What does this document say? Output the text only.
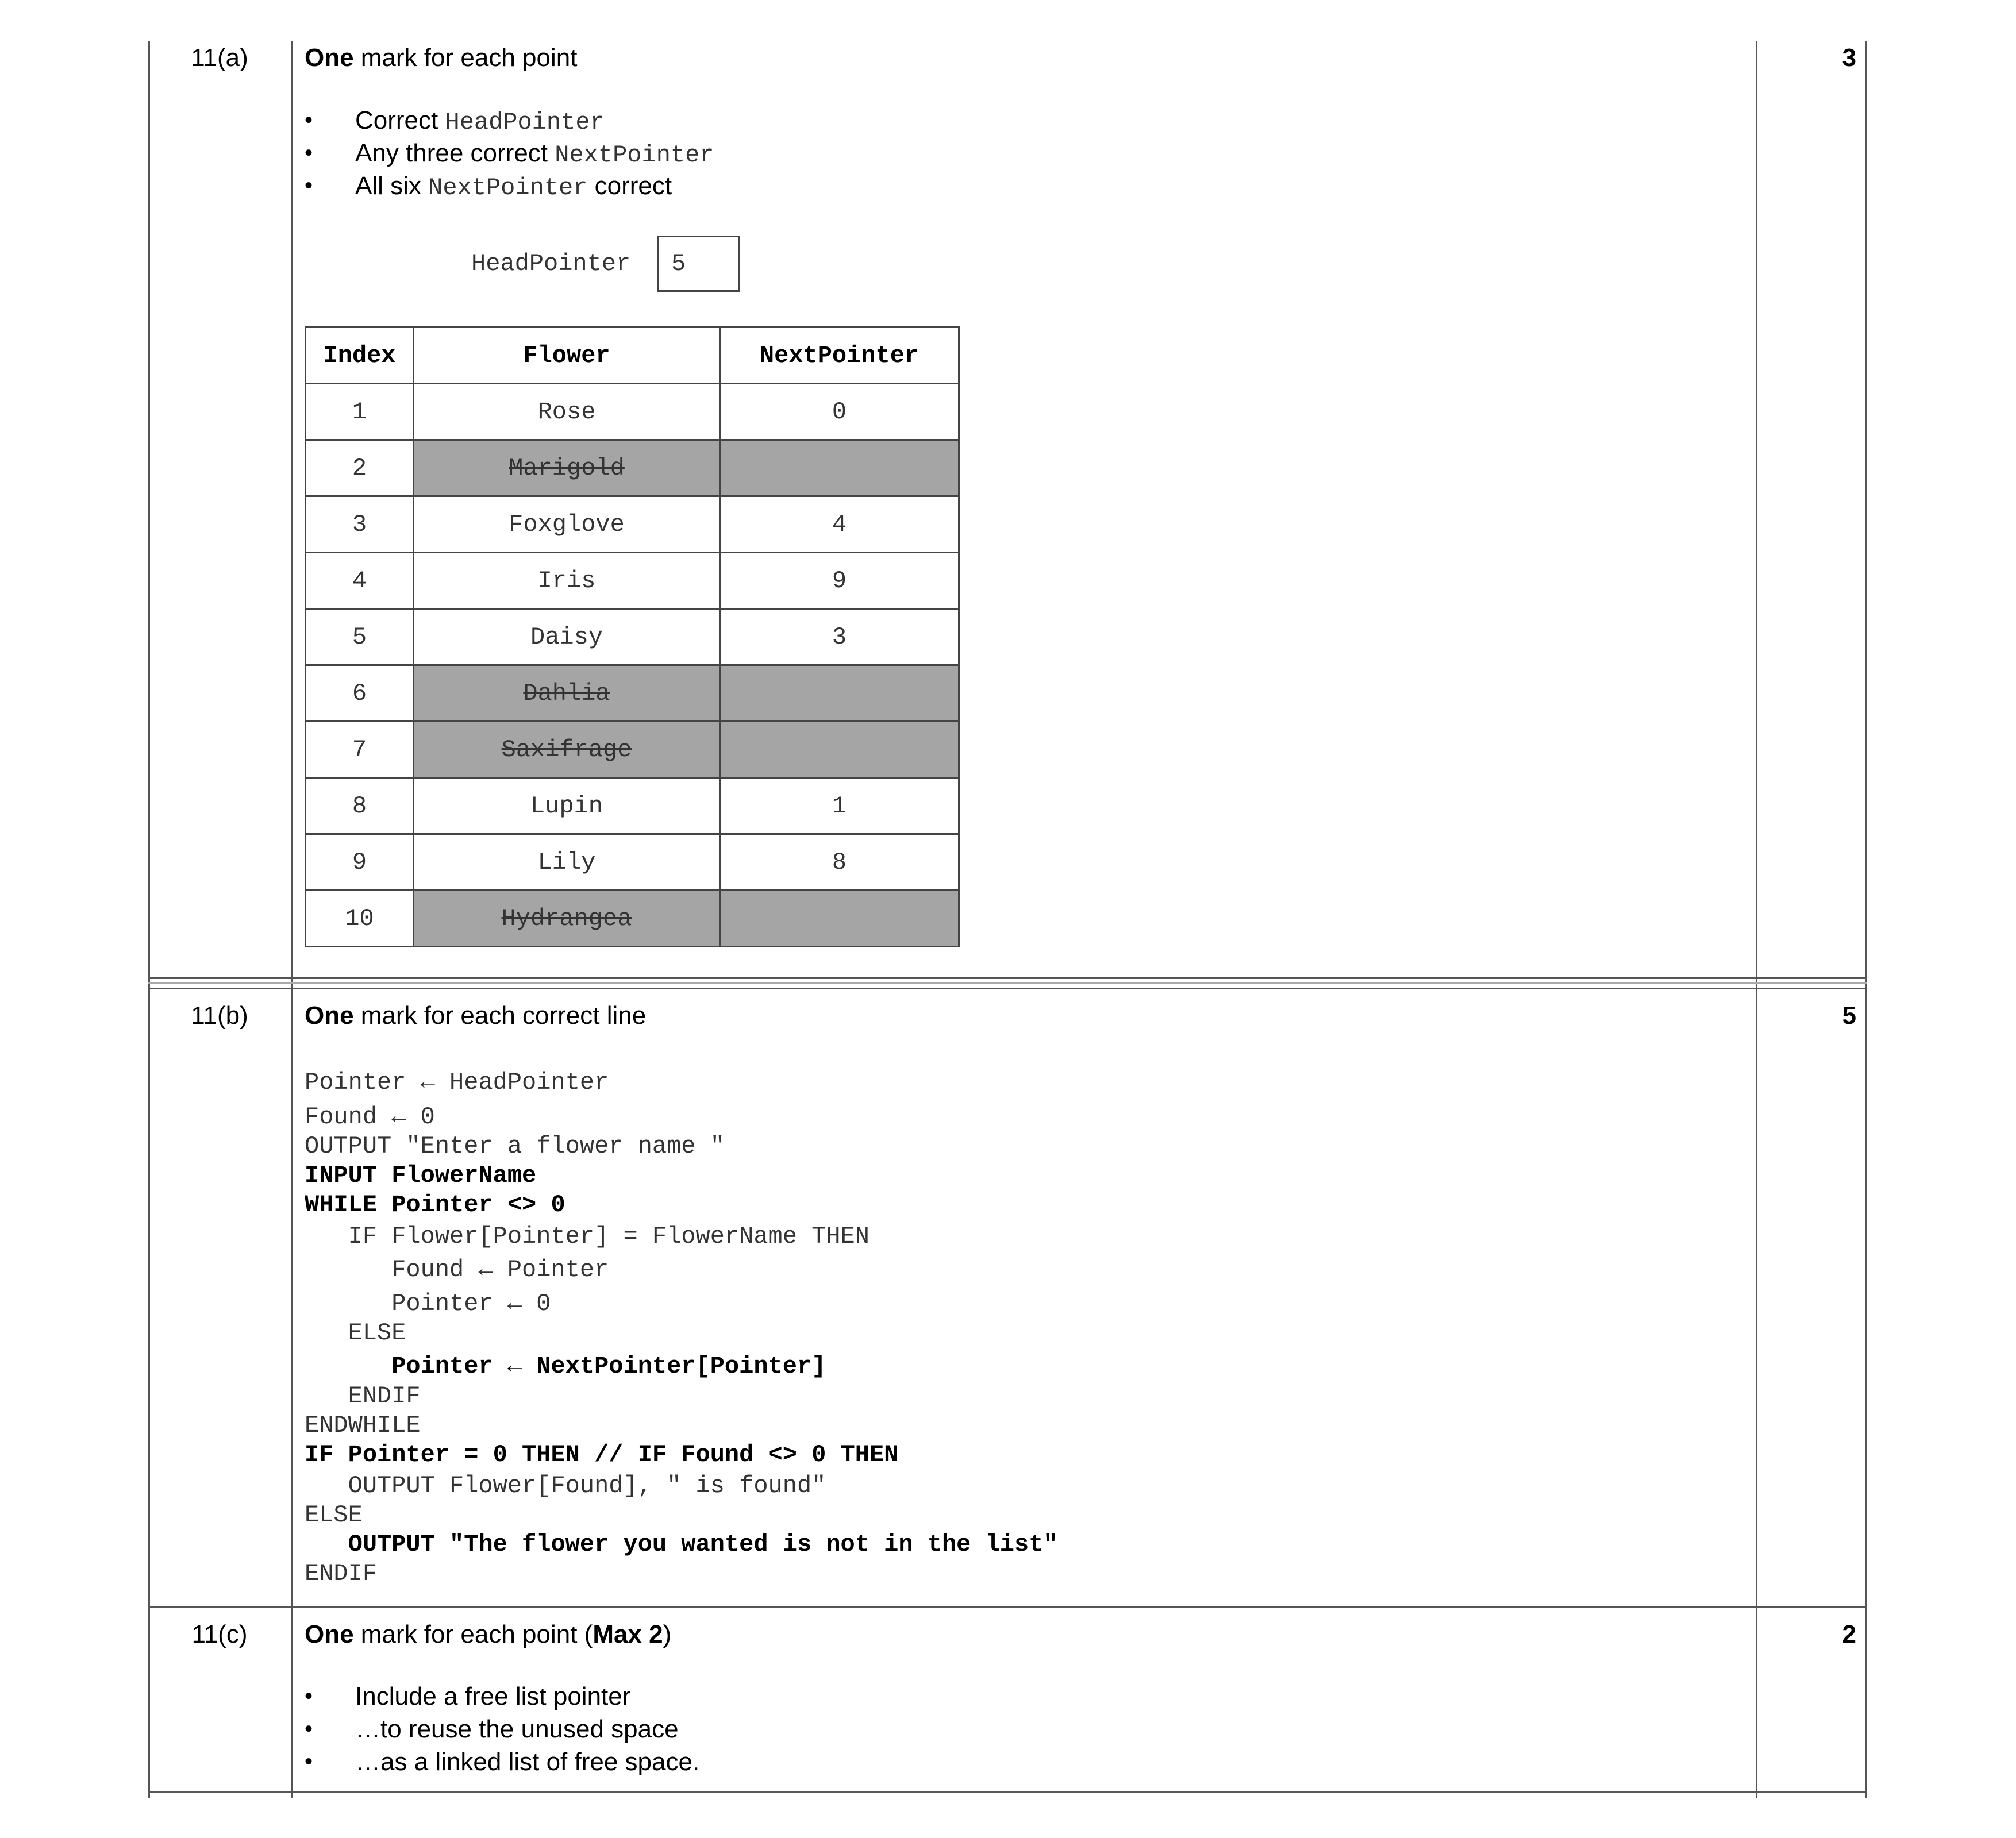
11(a)	One mark for each point	3
• Correct HeadPointer
• Any three correct NextPointer
• All six NextPointer correct
HeadPointer	5
Index	Flower	NextPointer
1	Rose	0
2	Marigold	
3	Foxglove	4
4	Iris	9
5	Daisy	3
6	Dahlia	
7	Saxifrage	
8	Lupin	1
9	Lily	8
10	Hydrangea	
11(b)	One mark for each correct line	5
Pointer ← HeadPointer
Found ← 0
OUTPUT "Enter a flower name "
INPUT FlowerName
WHILE Pointer <> 0
IF Flower[Pointer] = FlowerName THEN
Found ← Pointer
Pointer ← 0
ELSE
Pointer ← NextPointer[Pointer]
ENDIF
ENDWHILE
IF Pointer = 0 THEN // IF Found <> 0 THEN
OUTPUT Flower[Found], " is found"
ELSE
OUTPUT "The flower you wanted is not in the list"
ENDIF
11(c)	One mark for each point (Max 2)	2
• Include a free list pointer
• …to reuse the unused space
• …as a linked list of free space.
